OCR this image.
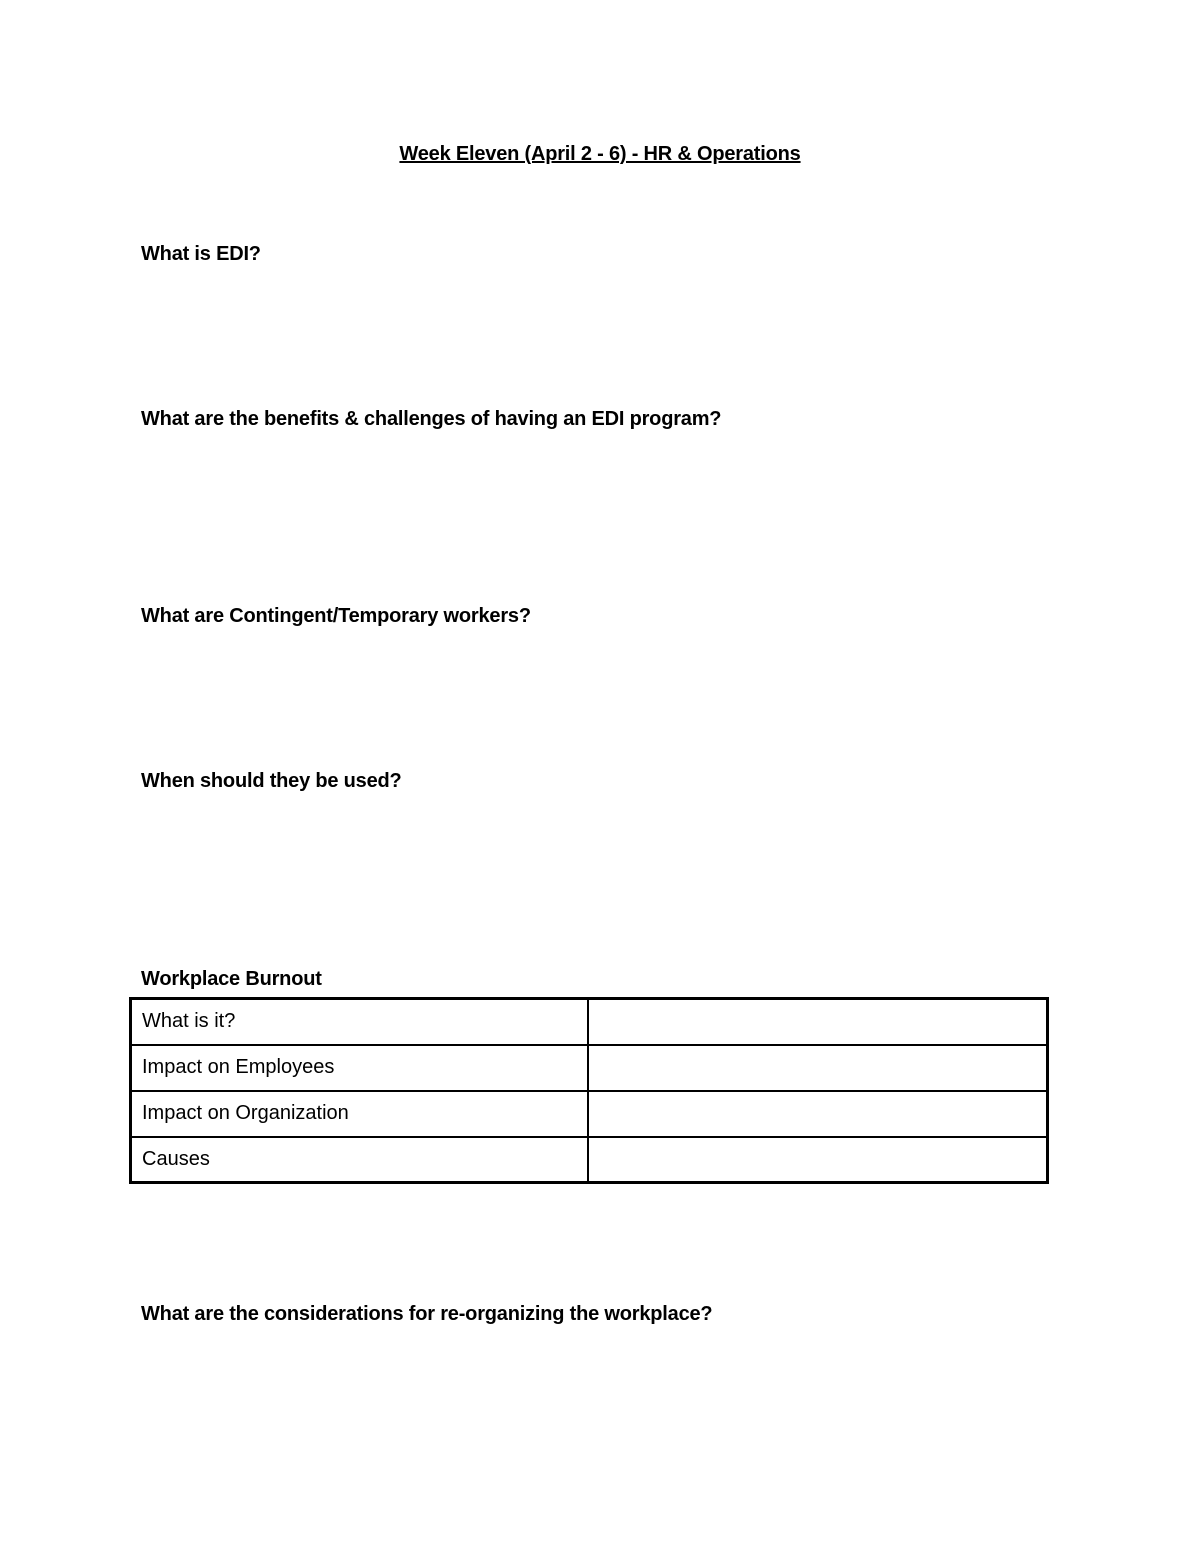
Week Eleven (April 2 - 6) - HR & Operations
What is EDI?
What are the benefits & challenges of having an EDI program?
What are Contingent/Temporary workers?
When should they be used?
Workplace Burnout
What is it?	
Impact on Employees	
Impact on Organization	
Causes	
What are the considerations for re-organizing the workplace?
